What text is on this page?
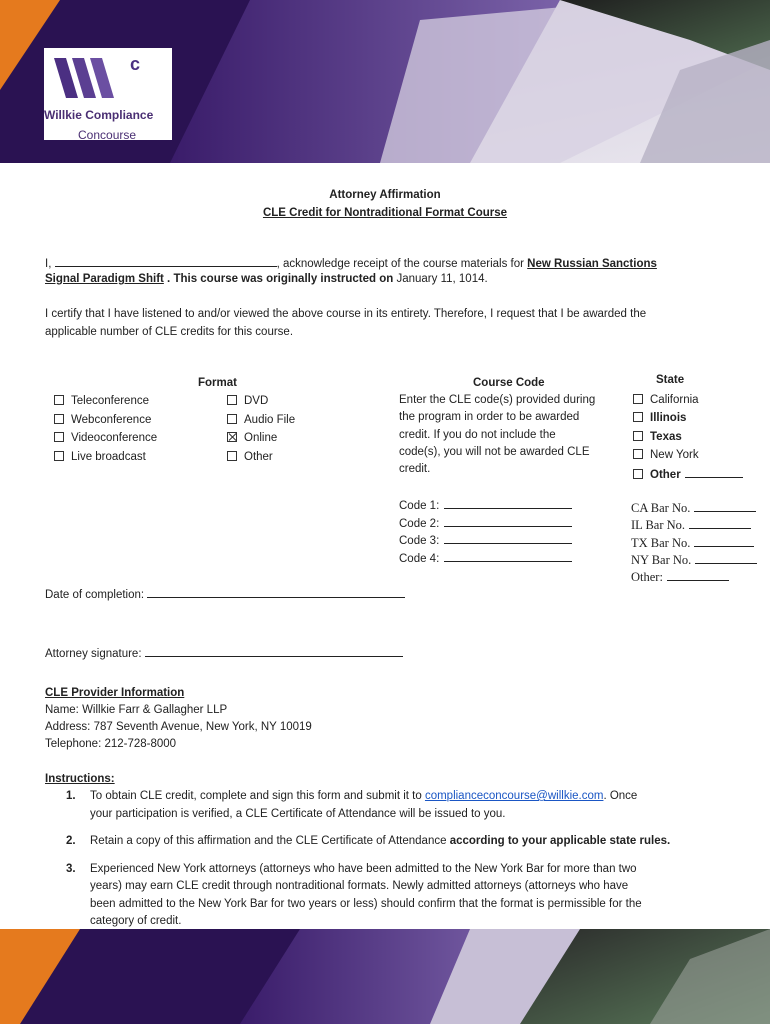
c
Willkie Compliance
Concourse
Attorney Affirmation
CLE Credit for Nontraditional Format Course
I,	, acknowledge receipt of the course materials for New Russian Sanctions
Signal Paradigm Shift . This course was originally instructed on January 11, 1014.
I certify that I have listened to and/or viewed the above course in its entirety. Therefore, I request that I be awarded the
applicable number of CLE credits for this course.
Format
Teleconference
Webconference
Videoconference
Live broadcast
DVD
Audio File
Online
Other
Course Code
Enter the CLE code(s) provided during
the program in order to be awarded
credit. If you do not include the
code(s), you will not be awarded CLE
credit.
Code 1:
Code 2:
Code 3:
Code 4:
State
California
Illinois
Texas
New York
Other
CA Bar No.
IL Bar No.
TX Bar No.
NY Bar No.
Other:
Date of completion:
Attorney signature:
CLE Provider Information
Name: Willkie Farr & Gallagher LLP
Address: 787 Seventh Avenue, New York, NY 10019
Telephone: 212-728-8000
Instructions:
1. To obtain CLE credit, complete and sign this form and submit it to complianceconcourse@willkie.com. Once
your participation is verified, a CLE Certificate of Attendance will be issued to you.
2. Retain a copy of this affirmation and the CLE Certificate of Attendance according to your applicable state rules.
3.	Experienced New York attorneys (attorneys who have been admitted to the New York Bar for more than two
years) may earn CLE credit through nontraditional formats. Newly admitted attorneys (attorneys who have
been admitted to the New York Bar for two years or less) should confirm that the format is permissible for the
category of credit.
